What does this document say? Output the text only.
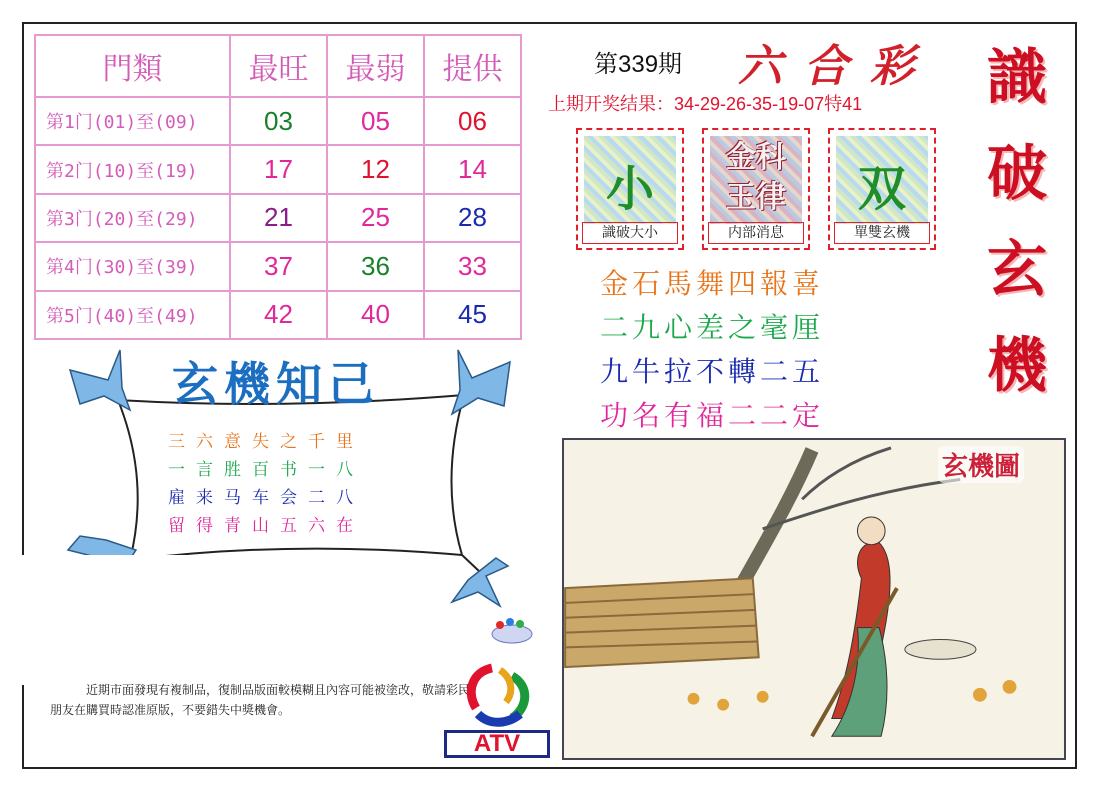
門類	最旺	最弱	提供
第1门(01)至(09)	03	05	06
第2门(10)至(19)	17	12	14
第3门(20)至(29)	21	25	28
第4门(30)至(39)	37	36	33
第5门(40)至(49)	42	40	45
第339期 六合彩
上期开奖结果：34-29-26-35-19-07特41 識
破
玄
機
小
識破大小
金科玉律
内部消息
双
單雙玄機
金石馬舞四報喜
二九心差之毫厘
九牛拉不轉二五
功名有福二二定
玄機知己
三六意失之千里
一言胜百书一八
雇来马车会二八
留得青山五六在
近期市面發現有複制品，復制品版面較模糊且內容可能被塗改，敬請彩民朋友在購買時認准原版，不要錯失中獎機會。
ATV
玄機圖
